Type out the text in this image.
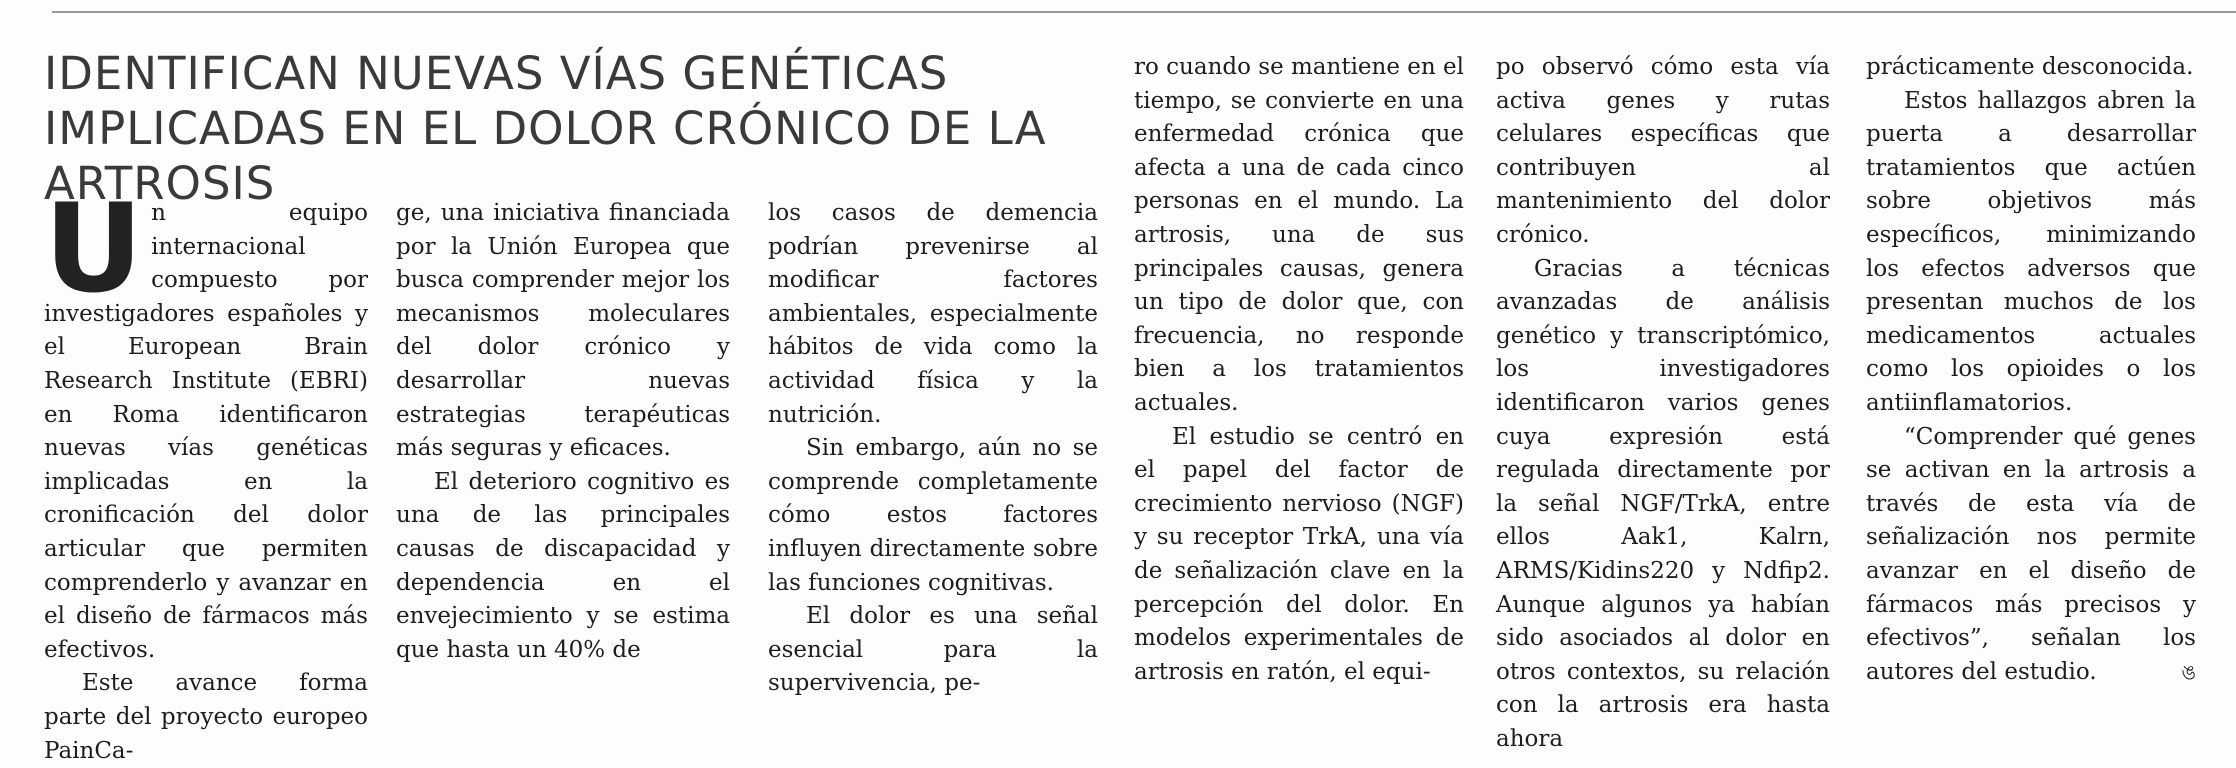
IDENTIFICAN NUEVAS VÍAS GENÉTICAS IMPLICADAS EN EL DOLOR CRÓNICO DE LA ARTROSIS

Un equipo internacional compuesto por investigadores españoles y el European Brain Research Institute (EBRI) en Roma identificaron nuevas vías genéticas implicadas en la cronificación del dolor articular que permiten comprenderlo y avanzar en el diseño de fármacos más efectivos.

Este avance forma parte del proyecto europeo PainCa-

ge, una iniciativa financiada por la Unión Europea que busca comprender mejor los mecanismos moleculares del dolor crónico y desarrollar nuevas estrategias terapéuticas más seguras y eficaces.

El deterioro cognitivo es una de las principales causas de discapacidad y dependencia en el envejecimiento y se estima que hasta un 40% de

los casos de demencia podrían prevenirse al modificar factores ambientales, especialmente hábitos de vida como la actividad física y la nutrición.

Sin embargo, aún no se comprende completamente cómo estos factores influyen directamente sobre las funciones cognitivas.

El dolor es una señal esencial para la supervivencia, pe-

ro cuando se mantiene en el tiempo, se convierte en una enfermedad crónica que afecta a una de cada cinco personas en el mundo. La artrosis, una de sus principales causas, genera un tipo de dolor que, con frecuencia, no responde bien a los tratamientos actuales.

El estudio se centró en el papel del factor de crecimiento nervioso (NGF) y su receptor TrkA, una vía de señalización clave en la percepción del dolor. En modelos experimentales de artrosis en ratón, el equi-

po observó cómo esta vía activa genes y rutas celulares específicas que contribuyen al mantenimiento del dolor crónico.

Gracias a técnicas avanzadas de análisis genético y transcriptómico, los investigadores identificaron varios genes cuya expresión está regulada directamente por la señal NGF/TrkA, entre ellos Aak1, Kalrn, ARMS/Kidins220 y Ndfip2. Aunque algunos ya habían sido asociados al dolor en otros contextos, su relación con la artrosis era hasta ahora

prácticamente desconocida.

Estos hallazgos abren la puerta a desarrollar tratamientos que actúen sobre objetivos más específicos, minimizando los efectos adversos que presentan muchos de los medicamentos actuales como los opioides o los antiinflamatorios.

“Comprender qué genes se activan en la artrosis a través de esta vía de señalización nos permite avanzar en el diseño de fármacos más precisos y efectivos”, señalan los autores del estudio.	ঙ
